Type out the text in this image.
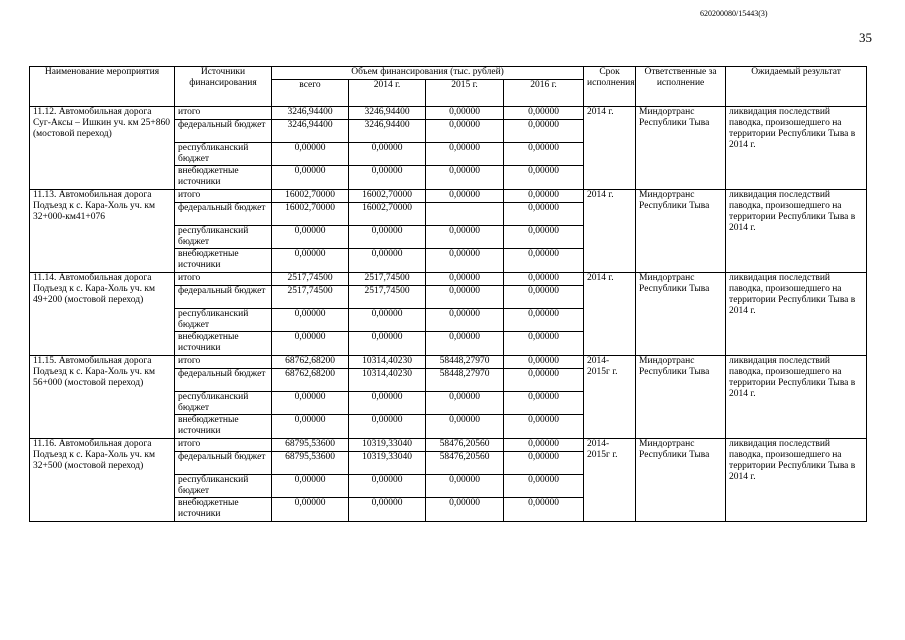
620200080/15443(3)
35
Наименование мероприятия	Источники финансирования	Объем финансирования (тыс. рублей)				Срок исполнения	Ответственные за исполнение	Ожидаемый результат
		всего	2014 г.	2015 г.	2016 г.			
11.12. Автомобильная дорога Суг-Аксы – Ишкин уч. км 25+860 (мостовой переход)	итого	3246,94400	3246,94400	0,00000	0,00000	2014 г.	Миндортранс Республики Тыва	ликвидация последствий паводка, произошедшего на территории Республики Тыва в 2014 г.
	федеральный бюджет	3246,94400	3246,94400	0,00000	0,00000			
	республиканский бюджет	0,00000	0,00000	0,00000	0,00000			
	внебюджетные источники	0,00000	0,00000	0,00000	0,00000			
11.13. Автомобильная дорога Подъезд к с. Кара-Холь уч. км 32+000-км41+076	итого	16002,70000	16002,70000	0,00000	0,00000	2014 г.	Миндортранс Республики Тыва	ликвидация последствий паводка, произошедшего на территории Республики Тыва в 2014 г.
	федеральный бюджет	16002,70000	16002,70000		0,00000			
	республиканский бюджет	0,00000	0,00000	0,00000	0,00000			
	внебюджетные источники	0,00000	0,00000	0,00000	0,00000			
11.14. Автомобильная дорога Подъезд к с. Кара-Холь уч. км 49+200 (мостовой переход)	итого	2517,74500	2517,74500	0,00000	0,00000	2014 г.	Миндортранс Республики Тыва	ликвидация последствий паводка, произошедшего на территории Республики Тыва в 2014 г.
	федеральный бюджет	2517,74500	2517,74500	0,00000	0,00000			
	республиканский бюджет	0,00000	0,00000	0,00000	0,00000			
	внебюджетные источники	0,00000	0,00000	0,00000	0,00000			
11.15. Автомобильная дорога Подъезд к с. Кара-Холь уч. км 56+000 (мостовой переход)	итого	68762,68200	10314,40230	58448,27970	0,00000	2014-2015г г.	Миндортранс Республики Тыва	ликвидация последствий паводка, произошедшего на территории Республики Тыва в 2014 г.
	федеральный бюджет	68762,68200	10314,40230	58448,27970	0,00000			
	республиканский бюджет	0,00000	0,00000	0,00000	0,00000			
	внебюджетные источники	0,00000	0,00000	0,00000	0,00000			
11.16. Автомобильная дорога Подъезд к с. Кара-Холь уч. км 32+500 (мостовой переход)	итого	68795,53600	10319,33040	58476,20560	0,00000	2014-2015г г.	Миндортранс Республики Тыва	ликвидация последствий паводка, произошедшего на территории Республики Тыва в 2014 г.
	федеральный бюджет	68795,53600	10319,33040	58476,20560	0,00000			
	республиканский бюджет	0,00000	0,00000	0,00000	0,00000			
	внебюджетные источники	0,00000	0,00000	0,00000	0,00000			
